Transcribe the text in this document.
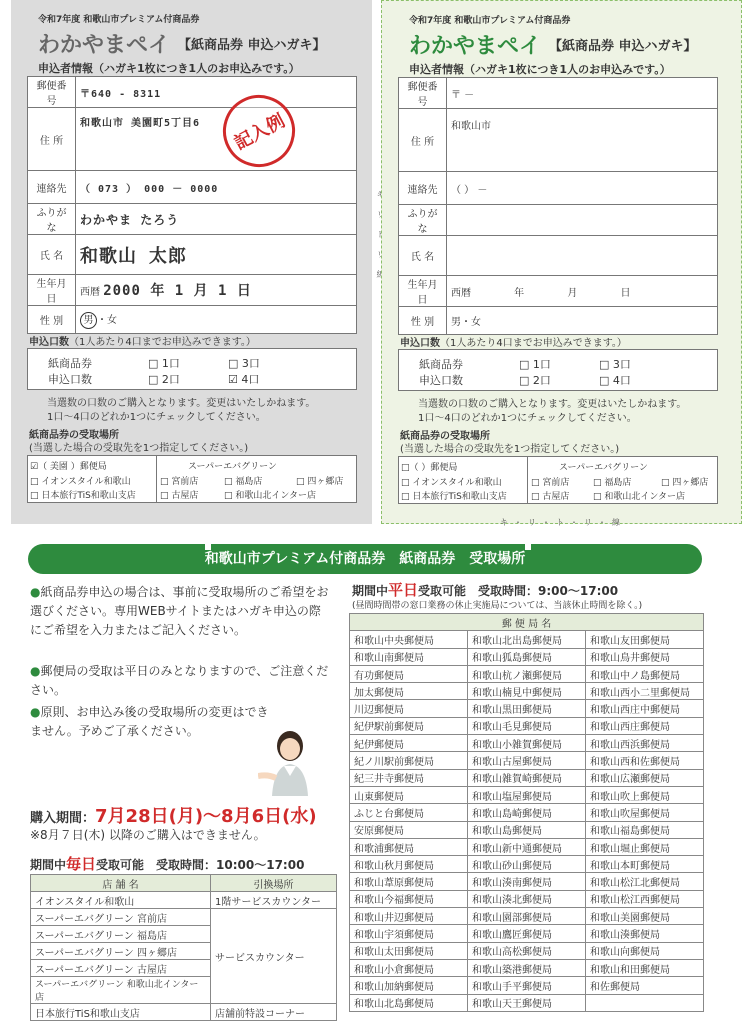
令和7年度 和歌山市プレミアム付商品券
わかやまペイ 【紙商品券 申込ハガキ】
申込者情報（ハガキ1枚につき1人のお申込みです。）
郵便番号	〒640 - 8311
住 所	和歌山市 美園町5丁目6
連絡先	（ 073 ） 000 － 0000
ふりがな	わかやま たろう
氏 名	和歌山 太郎
生年月日	西暦 2000 年 1 月 1 日
性 別	男 ・女
記入例
申込口数（1人あたり4口までお申込みできます。）
紙商品券
申込口数
□ 1口	□ 3口
□ 2口	☑ 4口
当選数の口数のご購入となります。変更はいたしかねます。
1口〜4口のどれか1つにチェックしてください。
紙商品券の受取場所
(当選した場合の受取先を1つ指定してください。)
☑（ 美園 ）郵便局
□ イオンスタイル和歌山
□ 日本旅行TiS和歌山支店
スーパーエバグリーン
□ 宮前店	□ 福島店	□ 四ヶ郷店
□ 古屋店	□ 和歌山北インター店
令和7年度 和歌山市プレミアム付商品券
わかやまペイ 【紙商品券 申込ハガキ】
申込者情報（ハガキ1枚につき1人のお申込みです。）
郵便番号	〒 －
住 所	和歌山市
連絡先	（ ） －
ふりがな	
氏 名	
生年月日	西暦 年 月 日
性 別	男・女
申込口数（1人あたり4口までお申込みできます。）
紙商品券
申込口数
□ 1口	□ 3口
□ 2口	□ 4口
当選数の口数のご購入となります。変更はいたしかねます。
1口〜4口のどれか1つにチェックしてください。
紙商品券の受取場所
(当選した場合の受取先を1つ指定してください。)
□（ ）郵便局
□ イオンスタイル和歌山
□ 日本旅行TiS和歌山支店
スーパーエバグリーン
□ 宮前店	□ 福島店	□ 四ヶ郷店
□ 古屋店	□ 和歌山北インター店
キ・リ・ト・リ・線
和歌山市プレミアム付商品券　紙商品券　受取場所
●紙商品券申込の場合は、事前に受取場所のご希望をお選びください。専用WEBサイトまたはハガキ申込の際にご希望を入力またはご記入ください。
●郵便局の受取は平日のみとなりますので、ご注意ください。
●原則、お申込み後の受取場所の変更はできません。予めご了承ください。
購入期間：7月28日(月)〜8月6日(水)
※8月７日(木) 以降のご購入はできません。
期間中毎日受取可能　受取時間：10:00〜17:00
店 舗 名	引換場所
イオンスタイル和歌山	1階サービスカウンター
スーパーエバグリーン 宮前店	サービスカウンター
スーパーエバグリーン 福島店	
スーパーエバグリーン 四ヶ郷店	
スーパーエバグリーン 古屋店	
スーパーエバグリーン 和歌山北インター店	
日本旅行TiS和歌山支店	店舗前特設コーナー
期間中平日受取可能　受取時間：9:00〜17:00
(昼間時間帯の窓口業務の休止実施局については、当該休止時間を除く。)
郵 便 局 名		
和歌山中央郵便局	和歌山北出島郵便局	和歌山友田郵便局
和歌山南郵便局	和歌山狐島郵便局	和歌山鳥井郵便局
有功郵便局	和歌山杭ノ瀬郵便局	和歌山中ノ島郵便局
加太郵便局	和歌山楠見中郵便局	和歌山西小二里郵便局
川辺郵便局	和歌山黒田郵便局	和歌山西庄中郵便局
紀伊駅前郵便局	和歌山毛見郵便局	和歌山西庄郵便局
紀伊郵便局	和歌山小雑賀郵便局	和歌山西浜郵便局
紀ノ川駅前郵便局	和歌山古屋郵便局	和歌山西和佐郵便局
紀三井寺郵便局	和歌山雑賀崎郵便局	和歌山広瀬郵便局
山東郵便局	和歌山塩屋郵便局	和歌山吹上郵便局
ふじと台郵便局	和歌山島崎郵便局	和歌山吹屋郵便局
安原郵便局	和歌山島郵便局	和歌山福島郵便局
和歌浦郵便局	和歌山新中通郵便局	和歌山堀止郵便局
和歌山秋月郵便局	和歌山砂山郵便局	和歌山本町郵便局
和歌山葦原郵便局	和歌山湊南郵便局	和歌山松江北郵便局
和歌山今福郵便局	和歌山湊北郵便局	和歌山松江西郵便局
和歌山井辺郵便局	和歌山園部郵便局	和歌山美園郵便局
和歌山宇須郵便局	和歌山鷹匠郵便局	和歌山湊郵便局
和歌山太田郵便局	和歌山高松郵便局	和歌山向郵便局
和歌山小倉郵便局	和歌山築港郵便局	和歌山和田郵便局
和歌山加納郵便局	和歌山手平郵便局	和佐郵便局
和歌山北島郵便局	和歌山天王郵便局	
